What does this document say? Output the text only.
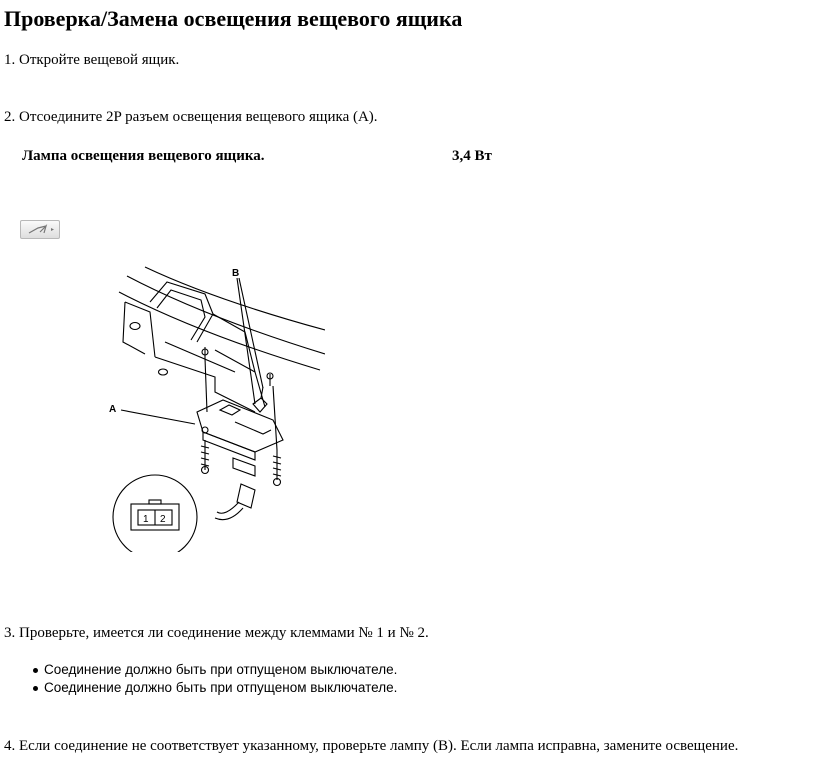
Проверка/Замена освещения вещевого ящика
1. Откройте вещевой ящик.
2. Отсоедините 2P разъем освещения вещевого ящика (A).
Лампа освещения вещевого ящика.	3,4 Вт
A
B
1 2
3. Проверьте, имеется ли соединение между клеммами № 1 и № 2.
Соединение должно быть при отпущеном выключателе.
Соединение должно быть при отпущеном выключателе.
4. Если соединение не соответствует указанному, проверьте лампу (B). Если лампа исправна, замените освещение.
